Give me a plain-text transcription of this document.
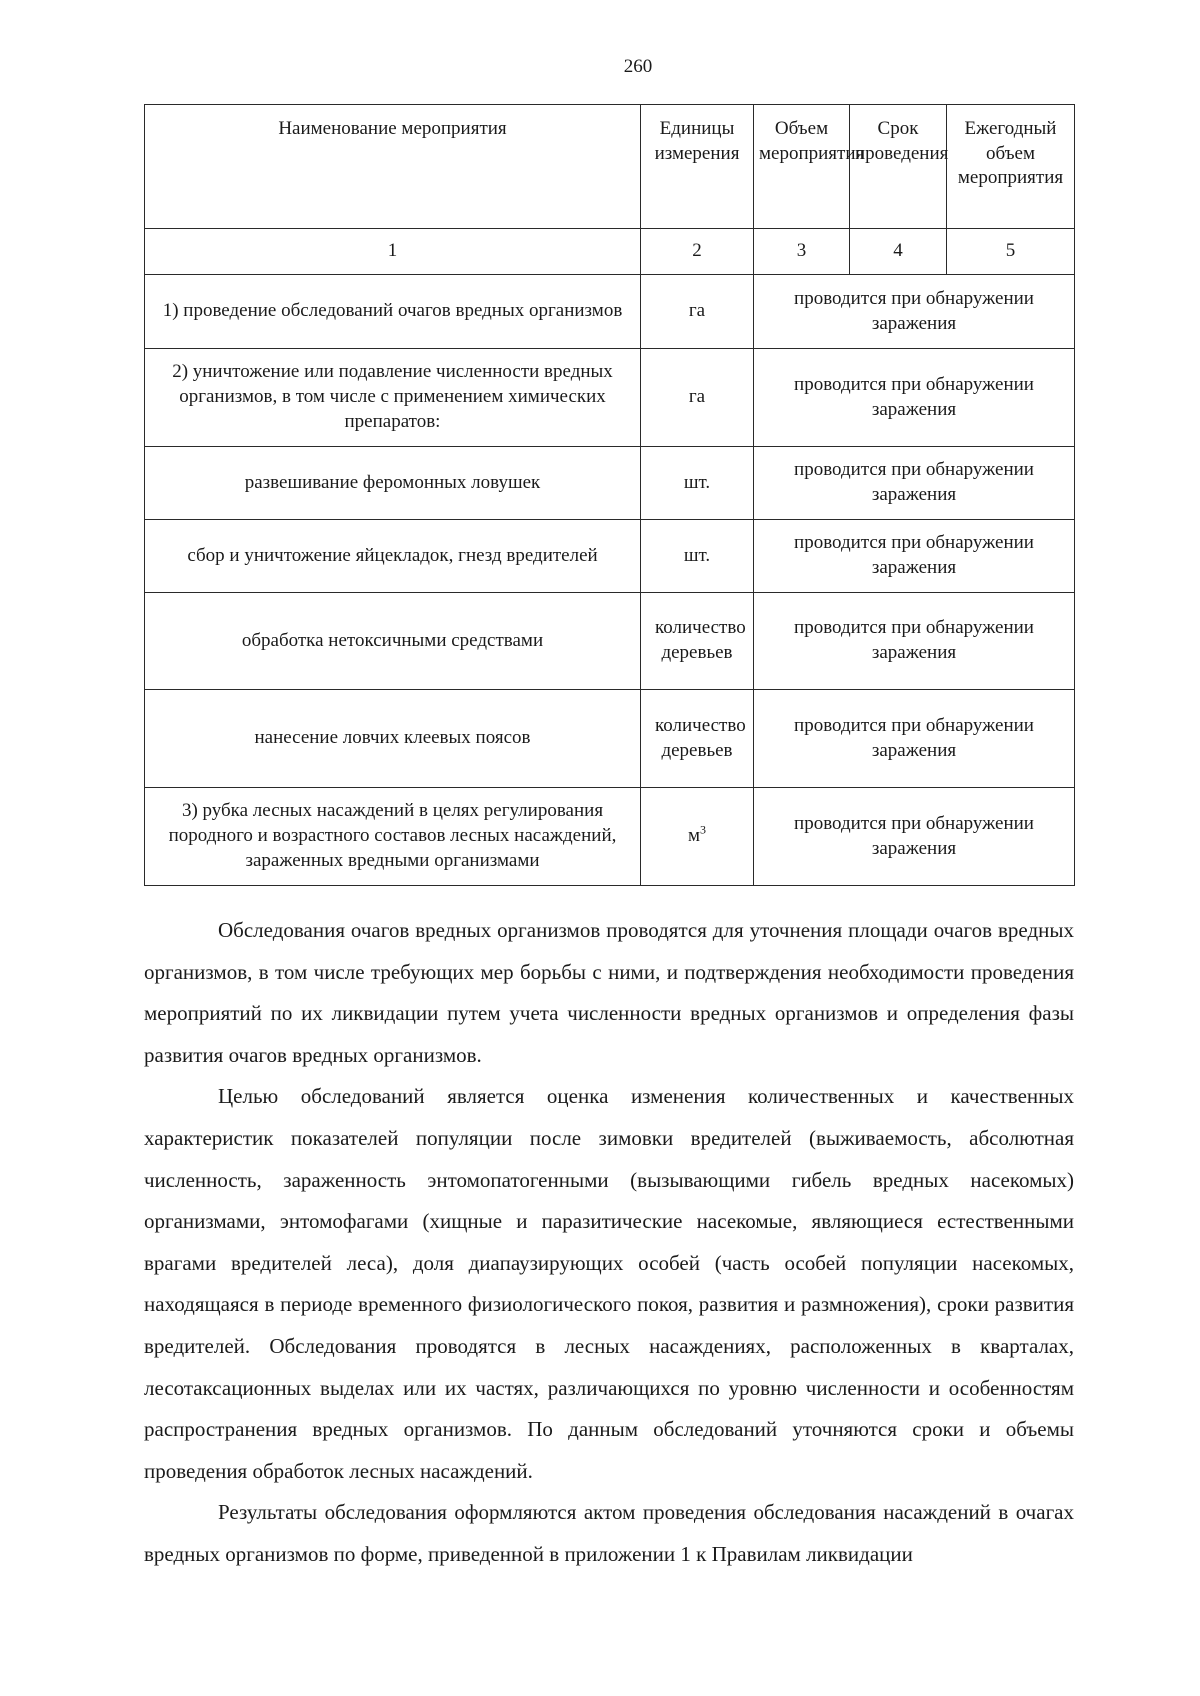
260
Наименование мероприятия	Единицы измерения	Объем мероприятия	Срок проведения	Ежегодный объем мероприятия
1	2	3	4	5
1) проведение обследований очагов вредных организмов	га	проводится при обнаружении заражения		
2) уничтожение или подавление численности вредных организмов, в том числе с применением химических препаратов:	га	проводится при обнаружении заражения		
развешивание феромонных ловушек	шт.	проводится при обнаружении заражения		
сбор и уничтожение яйцекладок, гнезд вредителей	шт.	проводится при обнаружении заражения		
обработка нетоксичными средствами	количество деревьев	проводится при обнаружении заражения		
нанесение ловчих клеевых поясов	количество деревьев	проводится при обнаружении заражения		
3) рубка лесных насаждений в целях регулирования породного и возрастного составов лесных насаждений, зараженных вредными организмами	$м^3$	проводится при обнаружении заражения		

Обследования очагов вредных организмов проводятся для уточнения площади очагов вредных организмов, в том числе требующих мер борьбы с ними, и подтверждения необходимости проведения мероприятий по их ликвидации путем учета численности вредных организмов и определения фазы развития очагов вредных организмов.

Целью обследований является оценка изменения количественных и качественных характеристик показателей популяции после зимовки вредителей (выживаемость, абсолютная численность, зараженность энтомопатогенными (вызывающими гибель вредных насекомых) организмами, энтомофагами (хищные и паразитические насекомые, являющиеся естественными врагами вредителей леса), доля диапаузирующих особей (часть особей популяции насекомых, находящаяся в периоде временного физиологического покоя, развития и размножения), сроки развития вредителей. Обследования проводятся в лесных насаждениях, расположенных в кварталах, лесотаксационных выделах или их частях, различающихся по уровню численности и особенностям распространения вредных организмов. По данным обследований уточняются сроки и объемы проведения обработок лесных насаждений.

Результаты обследования оформляются актом проведения обследования насаждений в очагах вредных организмов по форме, приведенной в приложении 1 к Правилам ликвидации
